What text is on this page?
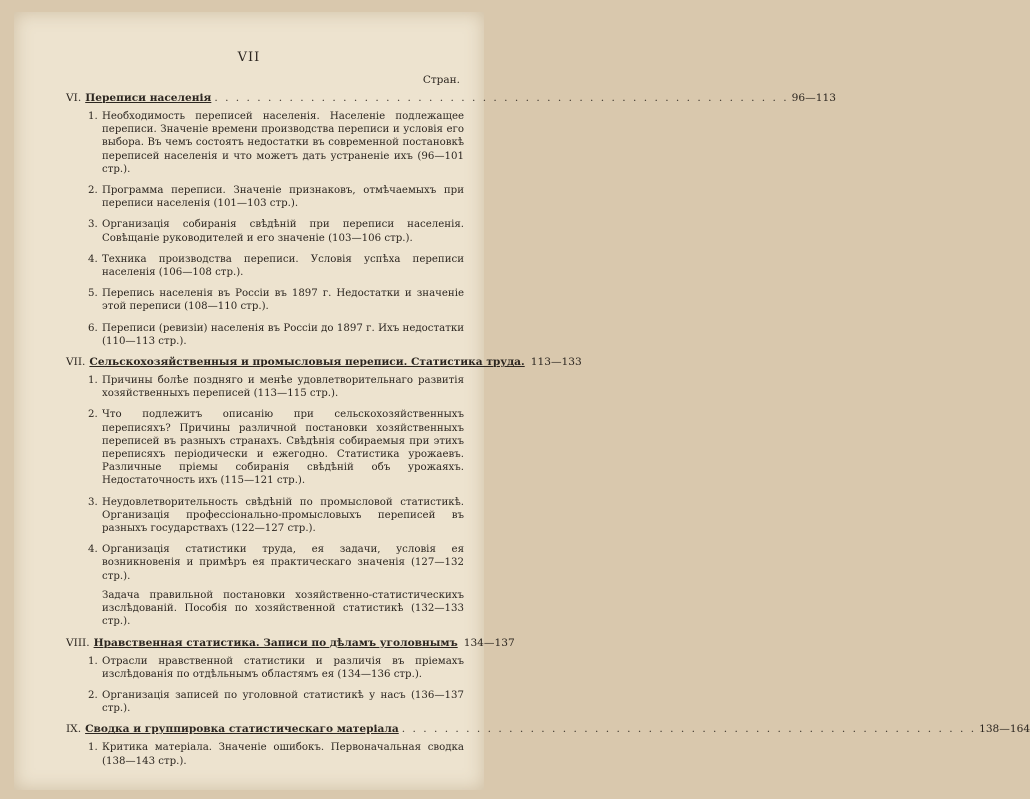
VII
Стран.
VI. Переписи населенія . . .	96—113
1. Необходимость переписей населенія. Населеніе подлежащее переписи. Значеніе времени производства переписи и условія его выбора. Въ чемъ состоятъ недостатки въ современной постановкѣ переписей населенія и что можетъ дать устраненіе ихъ (96—101 стр.).
2. Программа переписи. Значеніе признаковъ, отмѣчаемыхъ при переписи населенія (101—103 стр.).
3. Организація собиранія свѣдѣній при переписи населенія. Совѣщаніе руководителей и его значеніе (103—106 стр.).
4. Техника производства переписи. Условія успѣха переписи населенія (106—108 стр.).
5. Перепись населенія въ Россіи въ 1897 г. Недостатки и значеніе этой переписи (108—110 стр.).
6. Переписи (ревизіи) населенія въ Россіи до 1897 г. Ихъ недостатки (110—113 стр.).
VII. Сельскохозяйственныя и промысловыя переписи. Статистика труда. 113—133
1. Причины болѣе поздняго и менѣе удовлетворительнаго развитія хозяйственныхъ переписей (113—115 стр.).
2. Что подлежитъ описанію при сельскохозяйственныхъ переписяхъ? Причины различной постановки хозяйственныхъ переписей въ разныхъ странахъ. Свѣдѣнія собираемыя при этихъ переписяхъ періодически и ежегодно. Статистика урожаевъ. Различные пріемы собиранія свѣдѣній объ урожаяхъ. Недостаточность ихъ (115—121 стр.).
3. Неудовлетворительность свѣдѣній по промысловой статистикѣ. Организація профессіонально-промысловыхъ переписей въ разныхъ государствахъ (122—127 стр.).
4. Организація статистики труда, ея задачи, условія ея возникновенія и примѣръ ея практическаго значенія (127—132 стр.).
Задача правильной постановки хозяйственно-статистическихъ изслѣдованій. Пособія по хозяйственной статистикѣ (132—133 стр.).
VIII. Нравственная статистика. Записи по дѣламъ уголовнымъ 134—137
1. Отрасли нравственной статистики и различія въ пріемахъ изслѣдованія по отдѣльнымъ областямъ ея (134—136 стр.).
2. Организація записей по уголовной статистикѣ у насъ (136—137 стр.).
IX. Сводка и группировка статистическаго матеріала . . .	138—164
1. Критика матеріала. Значеніе ошибокъ. Первоначальная сводка (138—143 стр.).
